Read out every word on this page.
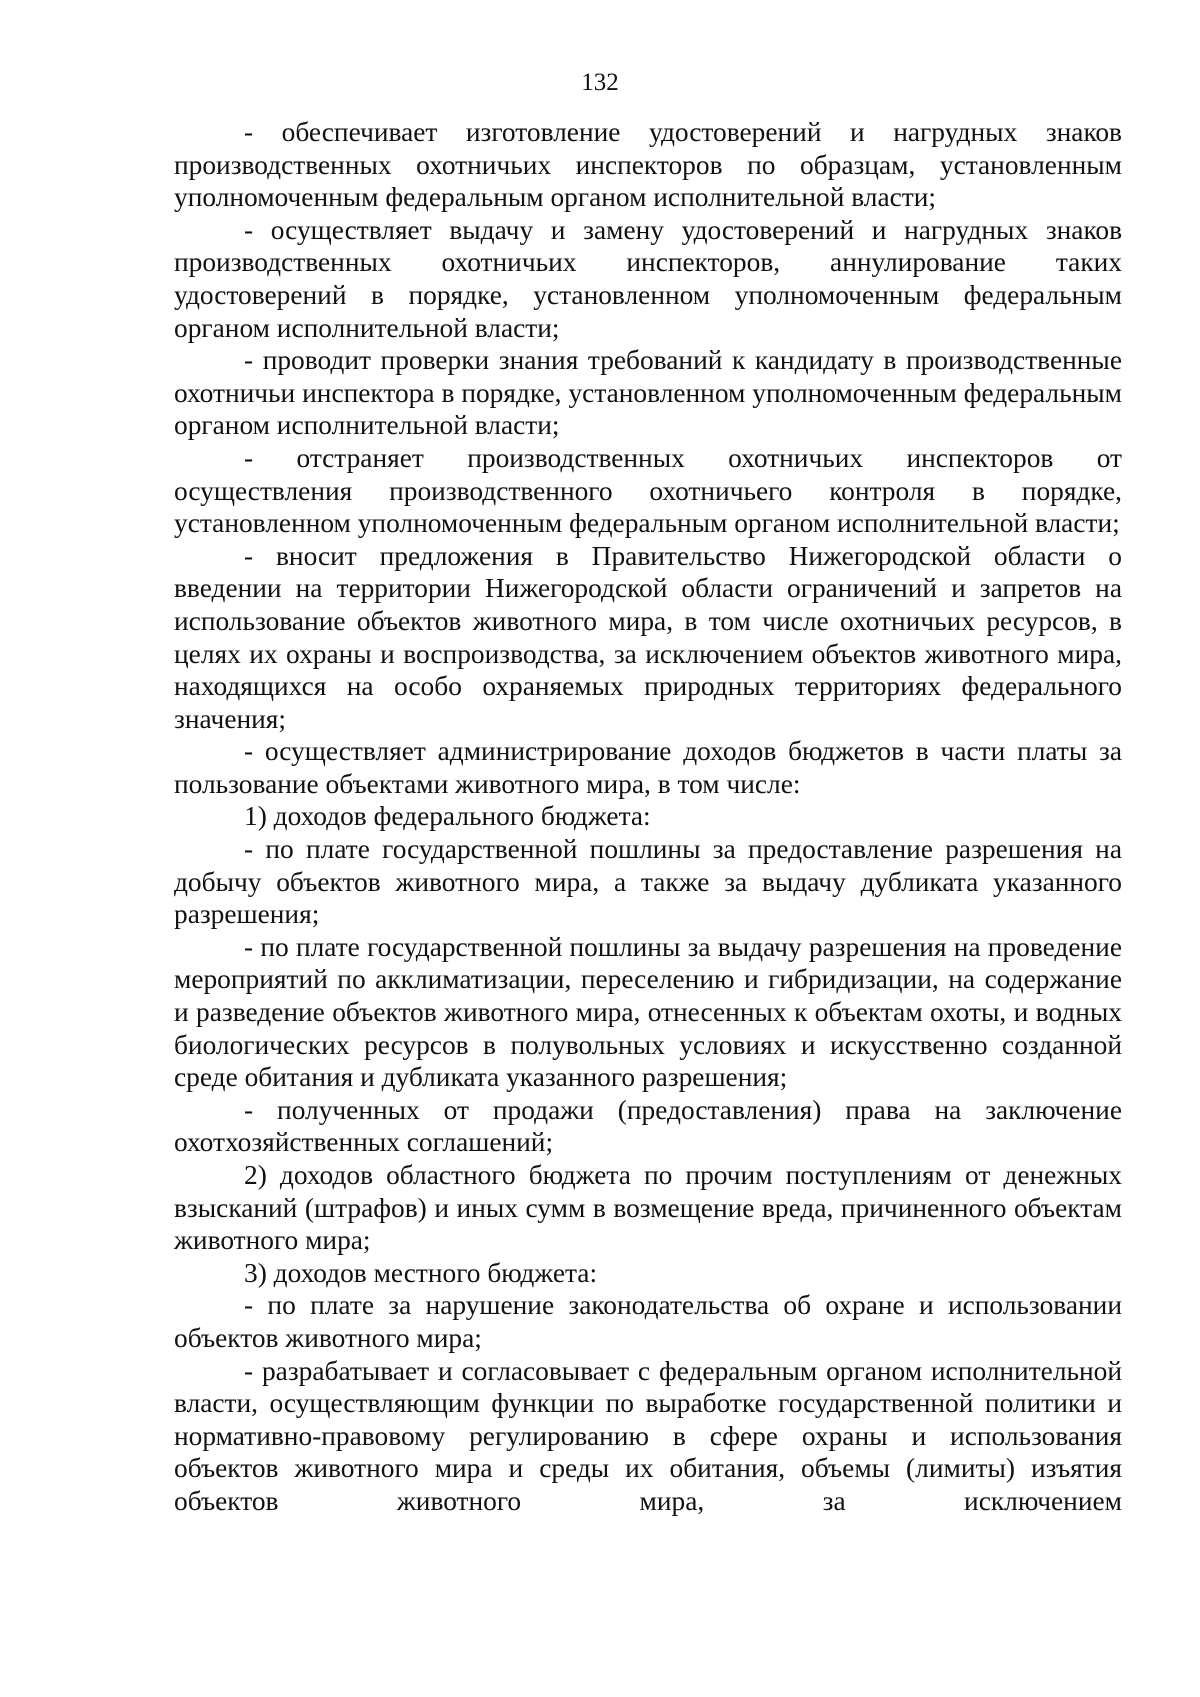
132

- обеспечивает изготовление удостоверений и нагрудных знаков производственных охотничьих инспекторов по образцам, установленным уполномоченным федеральным органом исполнительной власти;

- осуществляет выдачу и замену удостоверений и нагрудных знаков производственных охотничьих инспекторов, аннулирование таких удостоверений в порядке, установленном уполномоченным федеральным органом исполнительной власти;

- проводит проверки знания требований к кандидату в производственные охотничьи инспектора в порядке, установленном уполномоченным федеральным органом исполнительной власти;

- отстраняет производственных охотничьих инспекторов от осуществления производственного охотничьего контроля в порядке, установленном уполномоченным федеральным органом исполнительной власти;

- вносит предложения в Правительство Нижегородской области о введении на территории Нижегородской области ограничений и запретов на использование объектов животного мира, в том числе охотничьих ресурсов, в целях их охраны и воспроизводства, за исключением объектов животного мира, находящихся на особо охраняемых природных территориях федерального значения;

- осуществляет администрирование доходов бюджетов в части платы за пользование объектами животного мира, в том числе:

1) доходов федерального бюджета:

- по плате государственной пошлины за предоставление разрешения на добычу объектов животного мира, а также за выдачу дубликата указанного разрешения;

- по плате государственной пошлины за выдачу разрешения на проведение мероприятий по акклиматизации, переселению и гибридизации, на содержание и разведение объектов животного мира, отнесенных к объектам охоты, и водных биологических ресурсов в полувольных условиях и искусственно созданной среде обитания и дубликата указанного разрешения;

- полученных от продажи (предоставления) права на заключение охотхозяйственных соглашений;

2) доходов областного бюджета по прочим поступлениям от денежных взысканий (штрафов) и иных сумм в возмещение вреда, причиненного объектам животного мира;

3) доходов местного бюджета:

- по плате за нарушение законодательства об охране и использовании объектов животного мира;

- разрабатывает и согласовывает с федеральным органом исполнительной власти, осуществляющим функции по выработке государственной политики и нормативно-правовому регулированию в сфере охраны и использования объектов животного мира и среды их обитания, объемы (лимиты) изъятия объектов животного мира, за исключением
